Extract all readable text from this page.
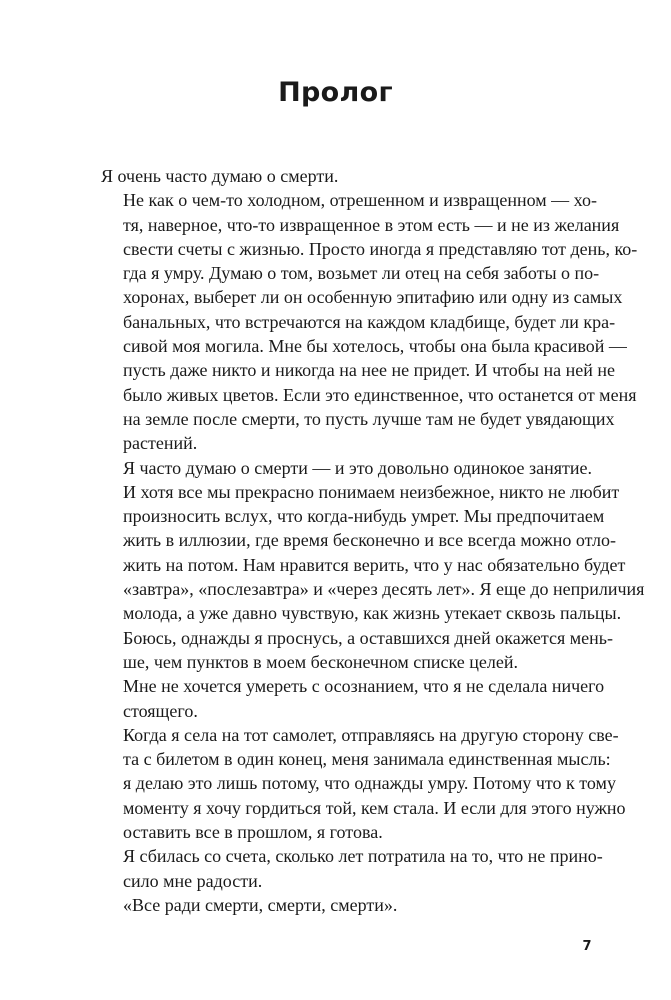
Пролог

Я очень часто думаю о смерти.

Не как о чем-то холодном, отрешенном и извращенном — хо-
тя, наверное, что-то извращенное в этом есть — и не из желания
свести счеты с жизнью. Просто иногда я представляю тот день, ко-
гда я умру. Думаю о том, возьмет ли отец на себя заботы о по-
хоронах, выберет ли он особенную эпитафию или одну из самых
банальных, что встречаются на каждом кладбище, будет ли кра-
сивой моя могила. Мне бы хотелось, чтобы она была красивой —
пусть даже никто и никогда на нее не придет. И чтобы на ней не
было живых цветов. Если это единственное, что останется от меня
на земле после смерти, то пусть лучше там не будет увядающих
растений.

Я часто думаю о смерти — и это довольно одинокое занятие.
И хотя все мы прекрасно понимаем неизбежное, никто не любит
произносить вслух, что когда-нибудь умрет. Мы предпочитаем
жить в иллюзии, где время бесконечно и все всегда можно отло-
жить на потом. Нам нравится верить, что у нас обязательно будет
«завтра», «послезавтра» и «через десять лет». Я еще до неприличия
молода, а уже давно чувствую, как жизнь утекает сквозь пальцы.

Боюсь, однажды я проснусь, а оставшихся дней окажется мень-
ше, чем пунктов в моем бесконечном списке целей.

Мне не хочется умереть с осознанием, что я не сделала ничего
стоящего.

Когда я села на тот самолет, отправляясь на другую сторону све-
та с билетом в один конец, меня занимала единственная мысль:
я делаю это лишь потому, что однажды умру. Потому что к тому
моменту я хочу гордиться той, кем стала. И если для этого нужно
оставить все в прошлом, я готова.

Я сбилась со счета, сколько лет потратила на то, что не прино-
сило мне радости.

«Все ради смерти, смерти, смерти».

7
